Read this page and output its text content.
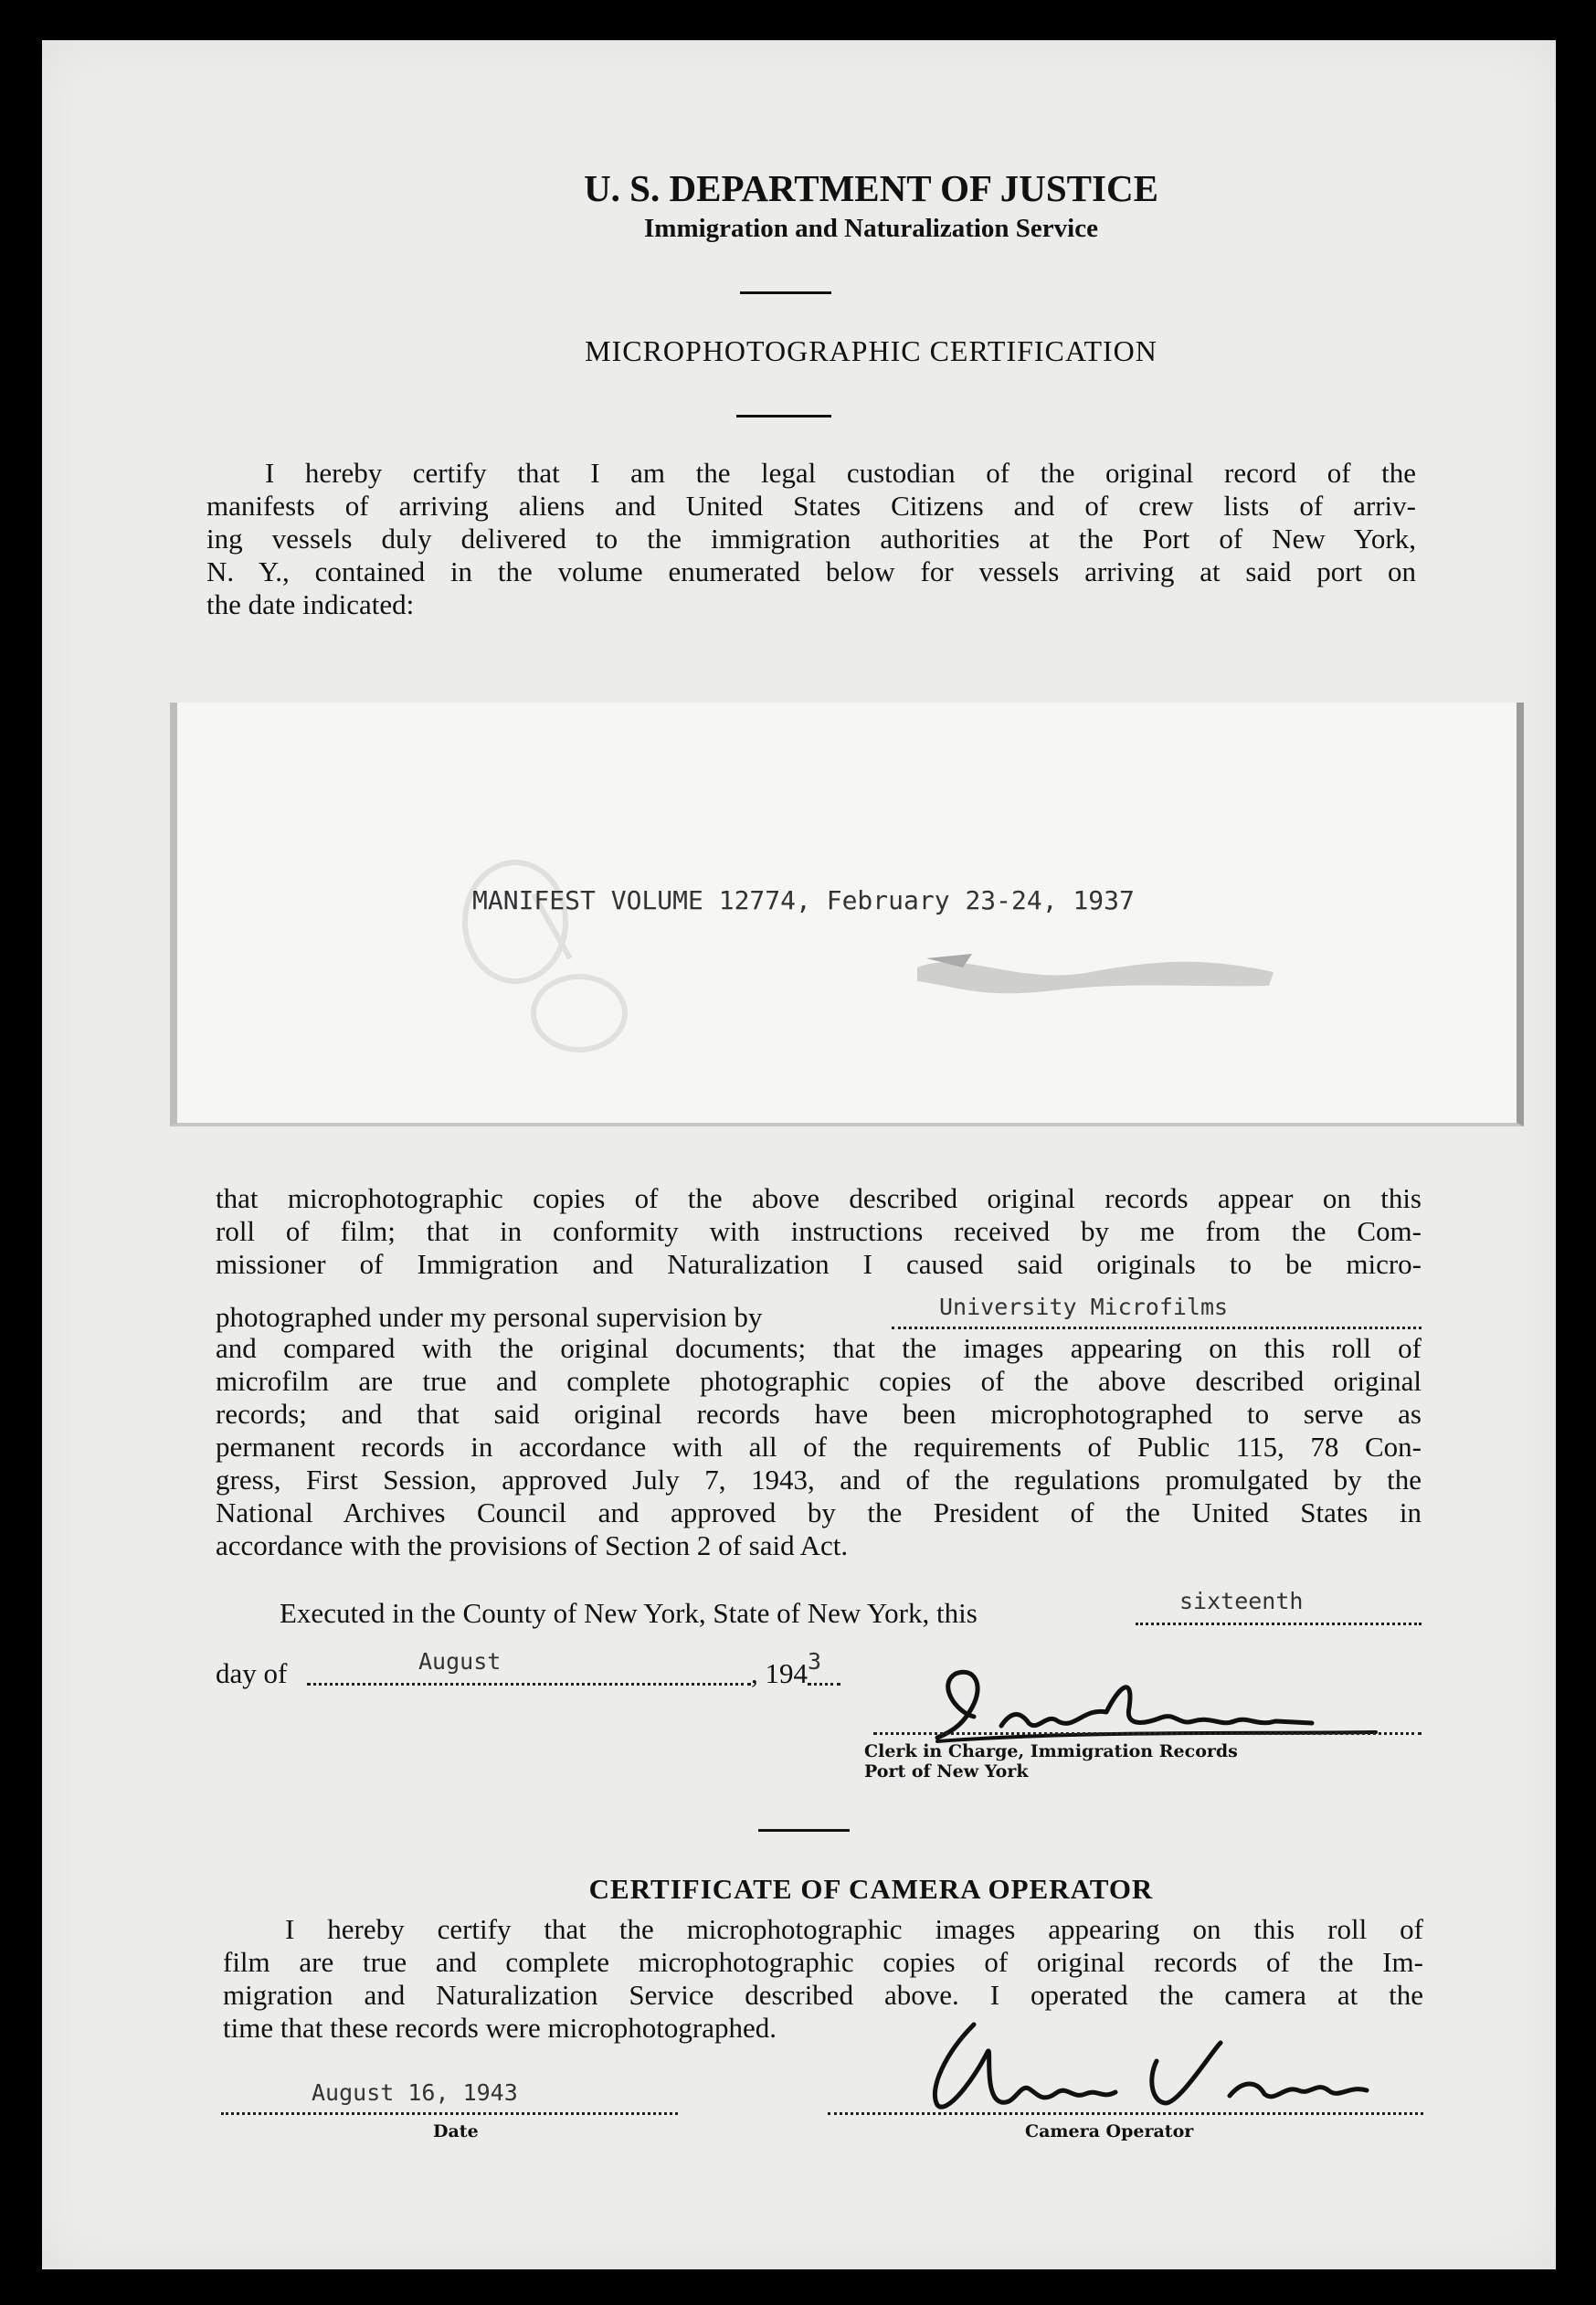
U. S. DEPARTMENT OF JUSTICE
Immigration and Naturalization Service
MICROPHOTOGRAPHIC CERTIFICATION
I hereby certify that I am the legal custodian of the original record of the
manifests of arriving aliens and United States Citizens and of crew lists of arriv-
ing vessels duly delivered to the immigration authorities at the Port of New York,
N. Y., contained in the volume enumerated below for vessels arriving at said port on
the date indicated:
MANIFEST VOLUME 12774, February 23-24, 1937
that microphotographic copies of the above described original records appear on this
roll of film; that in conformity with instructions received by me from the Com-
missioner of Immigration and Naturalization I caused said originals to be micro-
photographed under my personal supervision by	University Microfilms
and compared with the original documents; that the images appearing on this roll of
microfilm are true and complete photographic copies of the above described original
records; and that said original records have been microphotographed to serve as
permanent records in accordance with all of the requirements of Public 115, 78 Con-
gress, First Session, approved July 7, 1943, and of the regulations promulgated by the
National Archives Council and approved by the President of the United States in
accordance with the provisions of Section 2 of said Act.
Executed in the County of New York, State of New York, this	sixteenth
day of	August	, 194 3
Clerk in Charge, Immigration Records
Port of New York
CERTIFICATE OF CAMERA OPERATOR
I hereby certify that the microphotographic images appearing on this roll of
film are true and complete microphotographic copies of original records of the Im-
migration and Naturalization Service described above. I operated the camera at the
time that these records were microphotographed.
August 16, 1943
Date	Camera Operator
